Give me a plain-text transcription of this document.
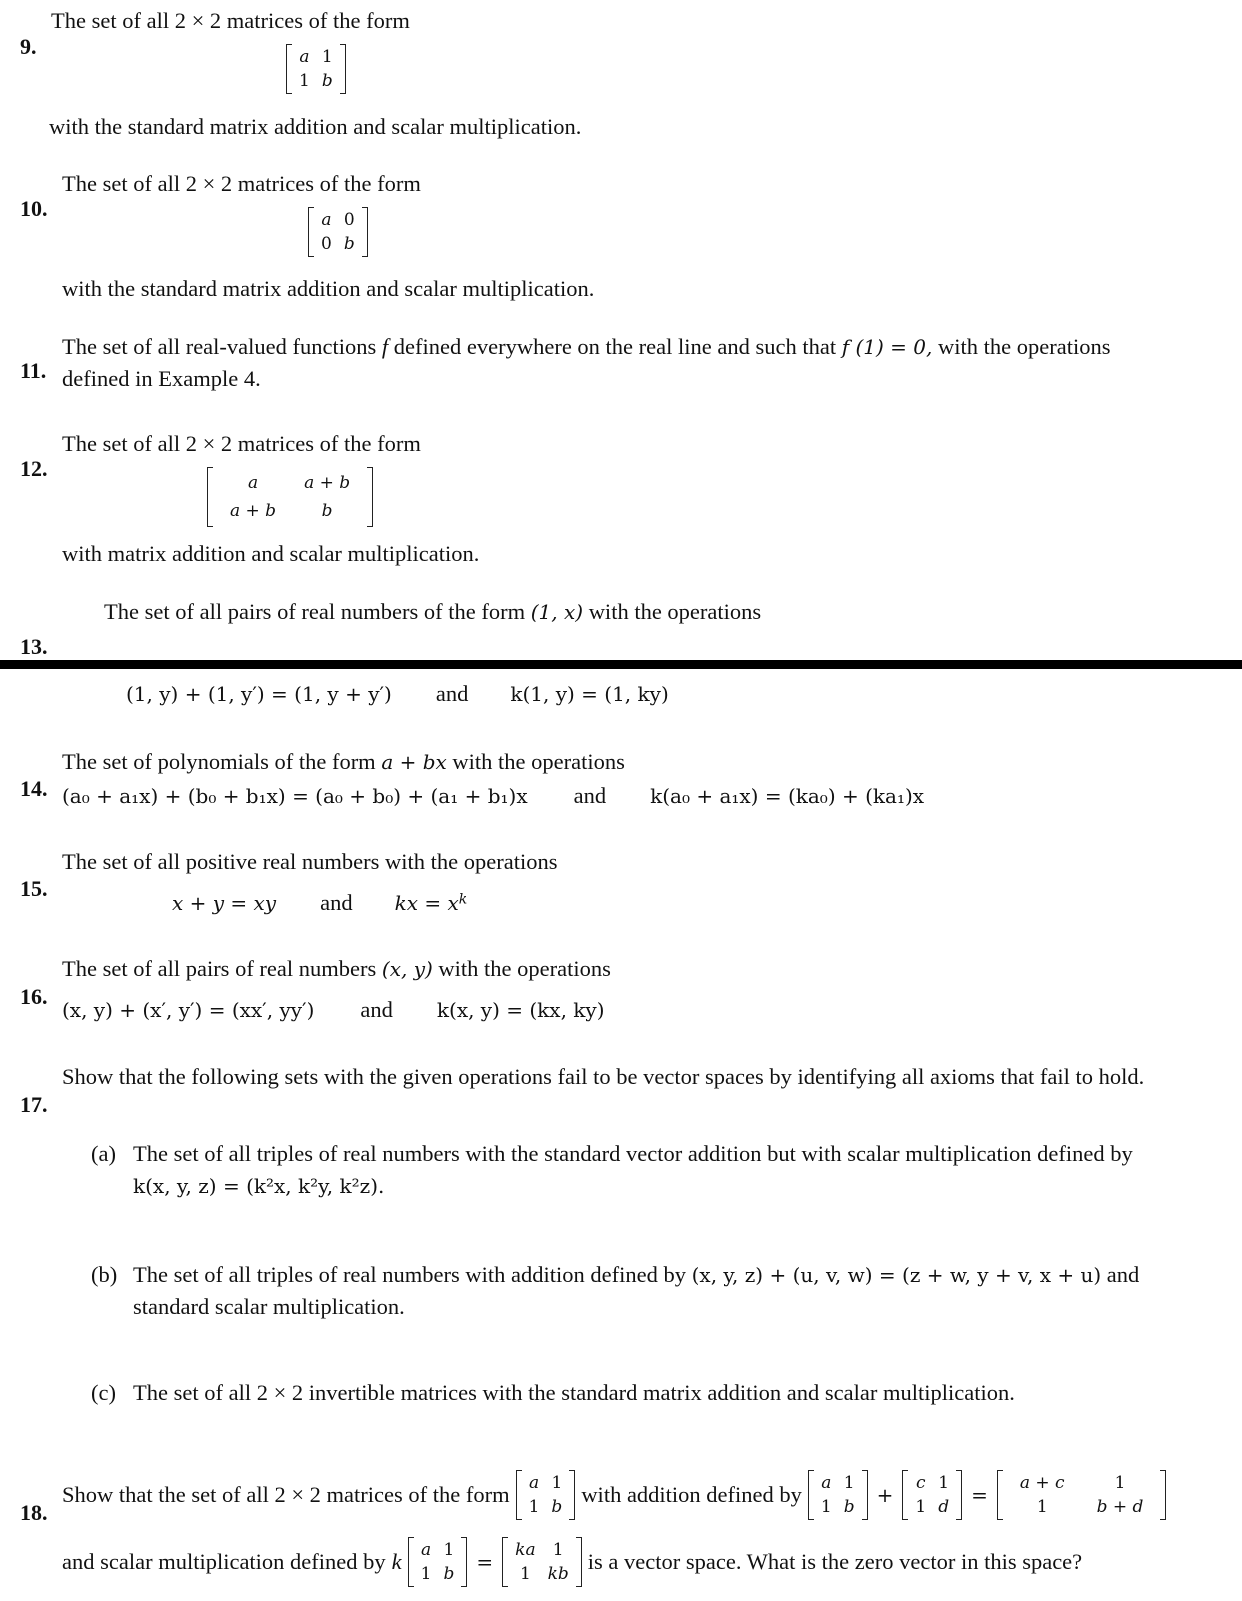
9.
The set of all 2 × 2 matrices of the form
a 1
1 b
with the standard matrix addition and scalar multiplication.
10.
The set of all 2 × 2 matrices of the form
a 0
0 b
with the standard matrix addition and scalar multiplication.
11.
The set of all real-valued functions f defined everywhere on the real line and such that f (1) = 0, with the operations
defined in Example 4.
12.
The set of all 2 × 2 matrices of the form
a	a + b
a + b	b
with matrix addition and scalar multiplication.
The set of all pairs of real numbers of the form (1, x) with the operations
13.
(1, y) + (1, y′) = (1, y + y′) and k(1, y) = (1, ky)
14.
The set of polynomials of the form a + bx with the operations
(a₀ + a₁x) + (b₀ + b₁x) = (a₀ + b₀) + (a₁ + b₁)x and k(a₀ + a₁x) = (ka₀) + (ka₁)x
15.
The set of all positive real numbers with the operations
x + y = xy and kx = $x^k$
16.
The set of all pairs of real numbers (x, y) with the operations
(x, y) + (x′, y′) = (xx′, yy′) and k(x, y) = (kx, ky)
Show that the following sets with the given operations fail to be vector spaces by identifying all axioms that fail to hold.
17.
(a) The set of all triples of real numbers with the standard vector addition but with scalar multiplication defined by
k(x, y, z) = (k²x, k²y, k²z).
(b) The set of all triples of real numbers with addition defined by (x, y, z) + (u, v, w) = (z + w, y + v, x + u) and
standard scalar multiplication.
(c) The set of all 2 × 2 invertible matrices with the standard matrix addition and scalar multiplication.
18.
Show that the set of all 2 × 2 matrices of the form	a 1
1 b with addition defined by	a 1
1 b	+	c 1
1 d	=	a + c	1
1	b + d
and scalar multiplication defined by k	a 1
1 b	=	ka	1
1 kb is a vector space. What is the zero vector in this space?
